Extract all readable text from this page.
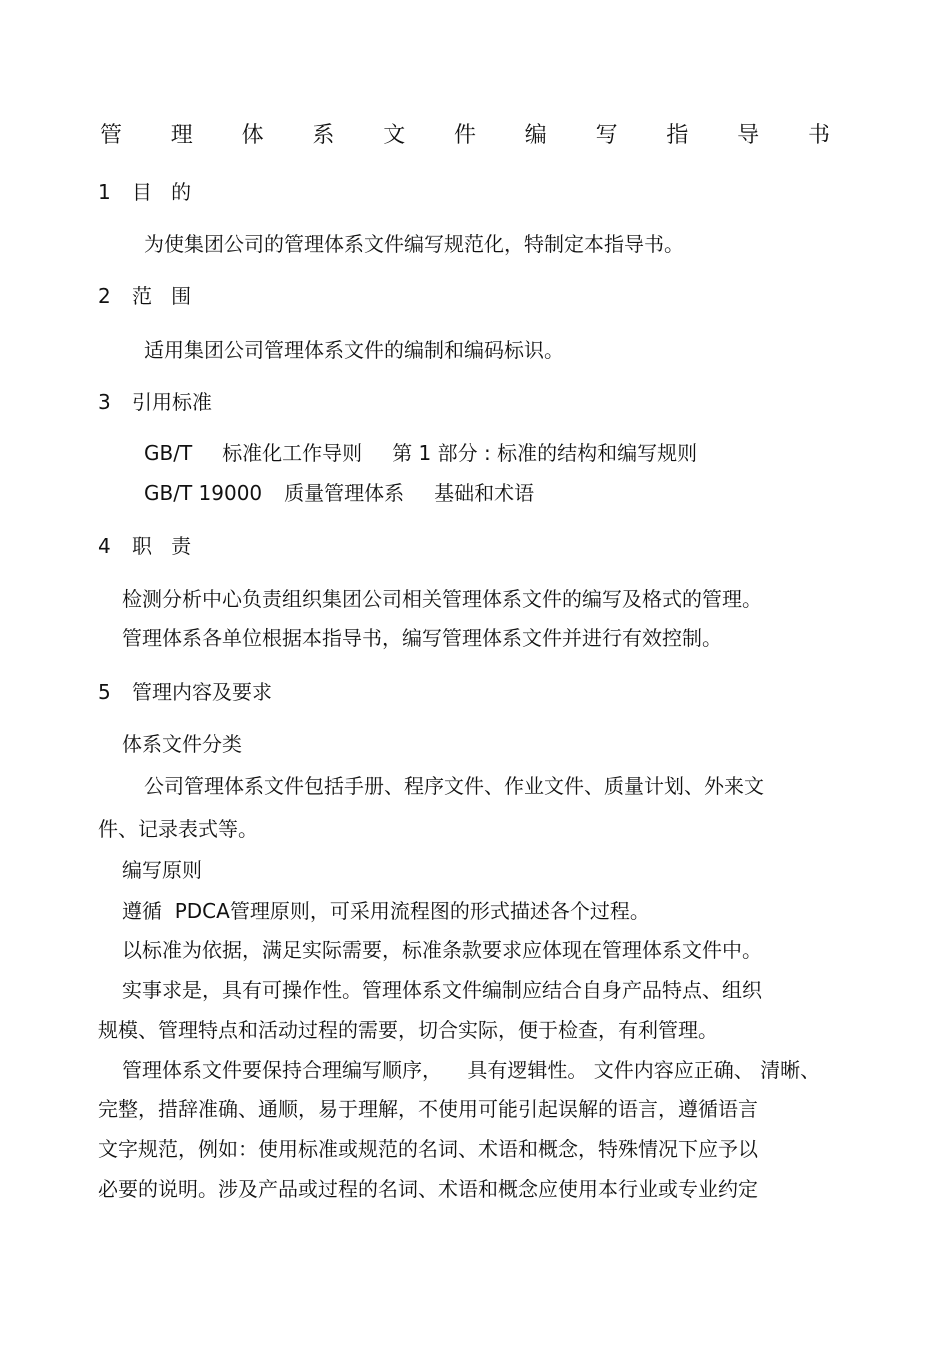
管 理 体 系 文 件 编 写 指 导 书
1 目   的
为使集团公司的管理体系文件编写规范化，特制定本指导书。
2 范   围
适用集团公司管理体系文件的编制和编码标识。
3 引用标准
GB/T 标准化工作导则 第 1 部分 : 标准的结构和编写规则
GB/T 19000 质量管理体系 基础和术语
4 职   责
检测分析中心负责组织集团公司相关管理体系文件的编写及格式的管理。
管理体系各单位根据本指导书，编写管理体系文件并进行有效控制。
5 管理内容及要求
体系文件分类
公司管理体系文件包括手册、程序文件、作业文件、质量计划、外来文
件、记录表式等。
编写原则
遵循  PDCA管理原则，可采用流程图的形式描述各个过程。
以标准为依据，满足实际需要，标准条款要求应体现在管理体系文件中。
实事求是，具有可操作性。管理体系文件编制应结合自身产品特点、组织
规模、管理特点和活动过程的需要，切合实际，便于检查，有利管理。
管理体系文件要保持合理编写顺序，    具有逻辑性。 文件内容应正确、 清晰、
完整，措辞准确、通顺，易于理解，不使用可能引起误解的语言，遵循语言
文字规范，例如：使用标准或规范的名词、术语和概念，特殊情况下应予以
必要的说明。涉及产品或过程的名词、术语和概念应使用本行业或专业约定
